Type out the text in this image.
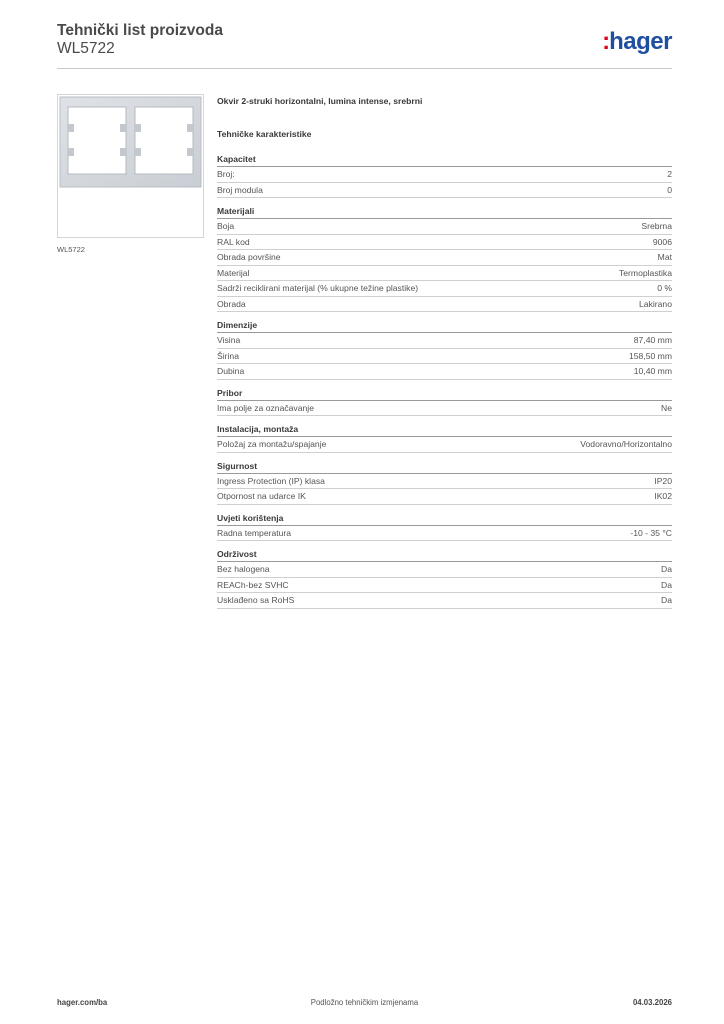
Tehnički list proizvoda
WL5722	:hager
WL5722
Okvir 2-struki horizontalni, lumina intense, srebrni
Tehničke karakteristike
Kapacitet
Broj:	2
Broj modula	0
Materijali
Boja	Srebrna
RAL kod	9006
Obrada površine	Mat
Materijal	Termoplastika
Sadrži reciklirani materijal (% ukupne težine plastike)	0 %
Obrada	Lakirano
Dimenzije
Visina	87,40 mm
Širina	158,50 mm
Dubina	10,40 mm
Pribor
Ima polje za označavanje	Ne
Instalacija, montaža
Položaj za montažu/spajanje	Vodoravno/Horizontalno
Sigurnost
Ingress Protection (IP) klasa	IP20
Otpornost na udarce IK	IK02
Uvjeti korištenja
Radna temperatura	-10 - 35 °C
Održivost
Bez halogena	Da
REACh-bez SVHC	Da
Usklađeno sa RoHS	Da
hager.com/ba	Podložno tehničkim izmjenama	04.03.2026
